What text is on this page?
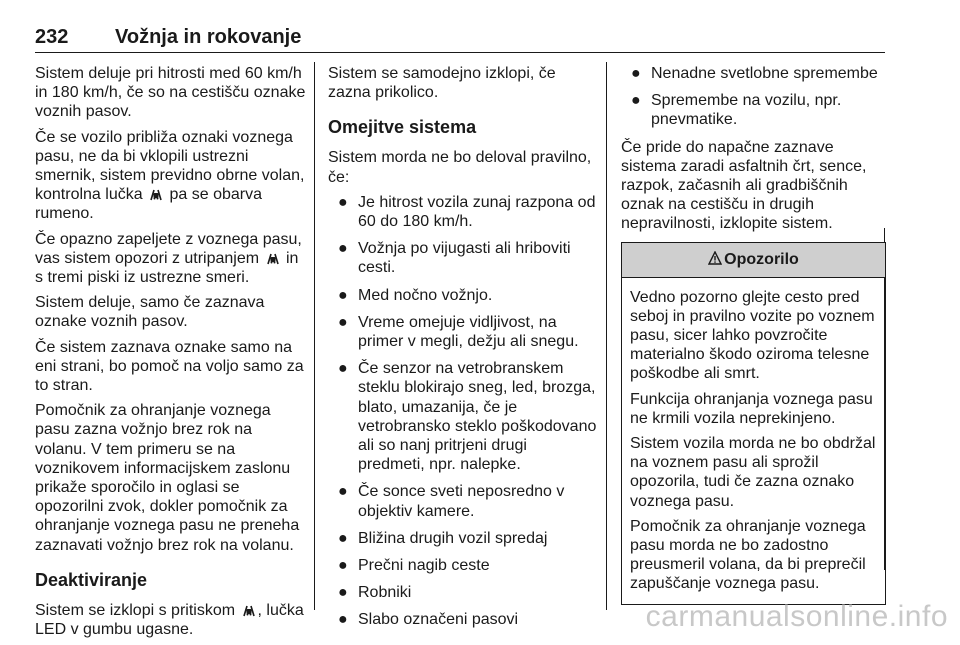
232 Vožnja in rokovanje

Sistem deluje pri hitrosti med 60 km/h in 180 km/h, če so na cestišču oznake voznih pasov.

Če se vozilo približa oznaki voznega pasu, ne da bi vklopili ustrezni smernik, sistem previdno obrne volan, kontrolna lučka  pa se obarva rumeno.

Če opazno zapeljete z voznega pasu, vas sistem opozori z utripanjem  in s tremi piski iz ustrezne smeri.

Sistem deluje, samo če zaznava oznake voznih pasov.

Če sistem zaznava oznake samo na eni strani, bo pomoč na voljo samo za to stran.

Pomočnik za ohranjanje voznega pasu zazna vožnjo brez rok na volanu. V tem primeru se na voznikovem informacijskem zaslonu prikaže sporočilo in oglasi se opozorilni zvok, dokler pomočnik za ohranjanje voznega pasu ne preneha zaznavati vožnjo brez rok na volanu.

Deaktiviranje

Sistem se izklopi s pritiskom , lučka LED v gumbu ugasne.

Sistem se samodejno izklopi, če zazna prikolico.

Omejitve sistema

Sistem morda ne bo deloval pravilno, če:

● Je hitrost vozila zunaj razpona od 60 do 180 km/h.
● Vožnja po vijugasti ali hriboviti cesti.
● Med nočno vožnjo.
● Vreme omejuje vidljivost, na primer v megli, dežju ali snegu.
● Če senzor na vetrobranskem steklu blokirajo sneg, led, brozga, blato, umazanija, če je vetrobransko steklo poškodovano ali so nanj pritrjeni drugi predmeti, npr. nalepke.
● Če sonce sveti neposredno v objektiv kamere.
● Bližina drugih vozil spredaj
● Prečni nagib ceste
● Robniki
● Slabo označeni pasovi
● Nenadne svetlobne spremembe
● Spremembe na vozilu, npr. pnevmatike.

Če pride do napačne zaznave sistema zaradi asfaltnih črt, sence, razpok, začasnih ali gradbiščnih oznak na cestišču in drugih nepravilnosti, izklopite sistem.

Opozorilo

Vedno pozorno glejte cesto pred seboj in pravilno vozite po voznem pasu, sicer lahko povzročite materialno škodo oziroma telesne poškodbe ali smrt.

Funkcija ohranjanja voznega pasu ne krmili vozila neprekinjeno.

Sistem vozila morda ne bo obdržal na voznem pasu ali sprožil opozorila, tudi če zazna oznako voznega pasu.

Pomočnik za ohranjanje voznega pasu morda ne bo zadostno preusmeril volana, da bi preprečil zapuščanje voznega pasu.

carmanualsonline.info
